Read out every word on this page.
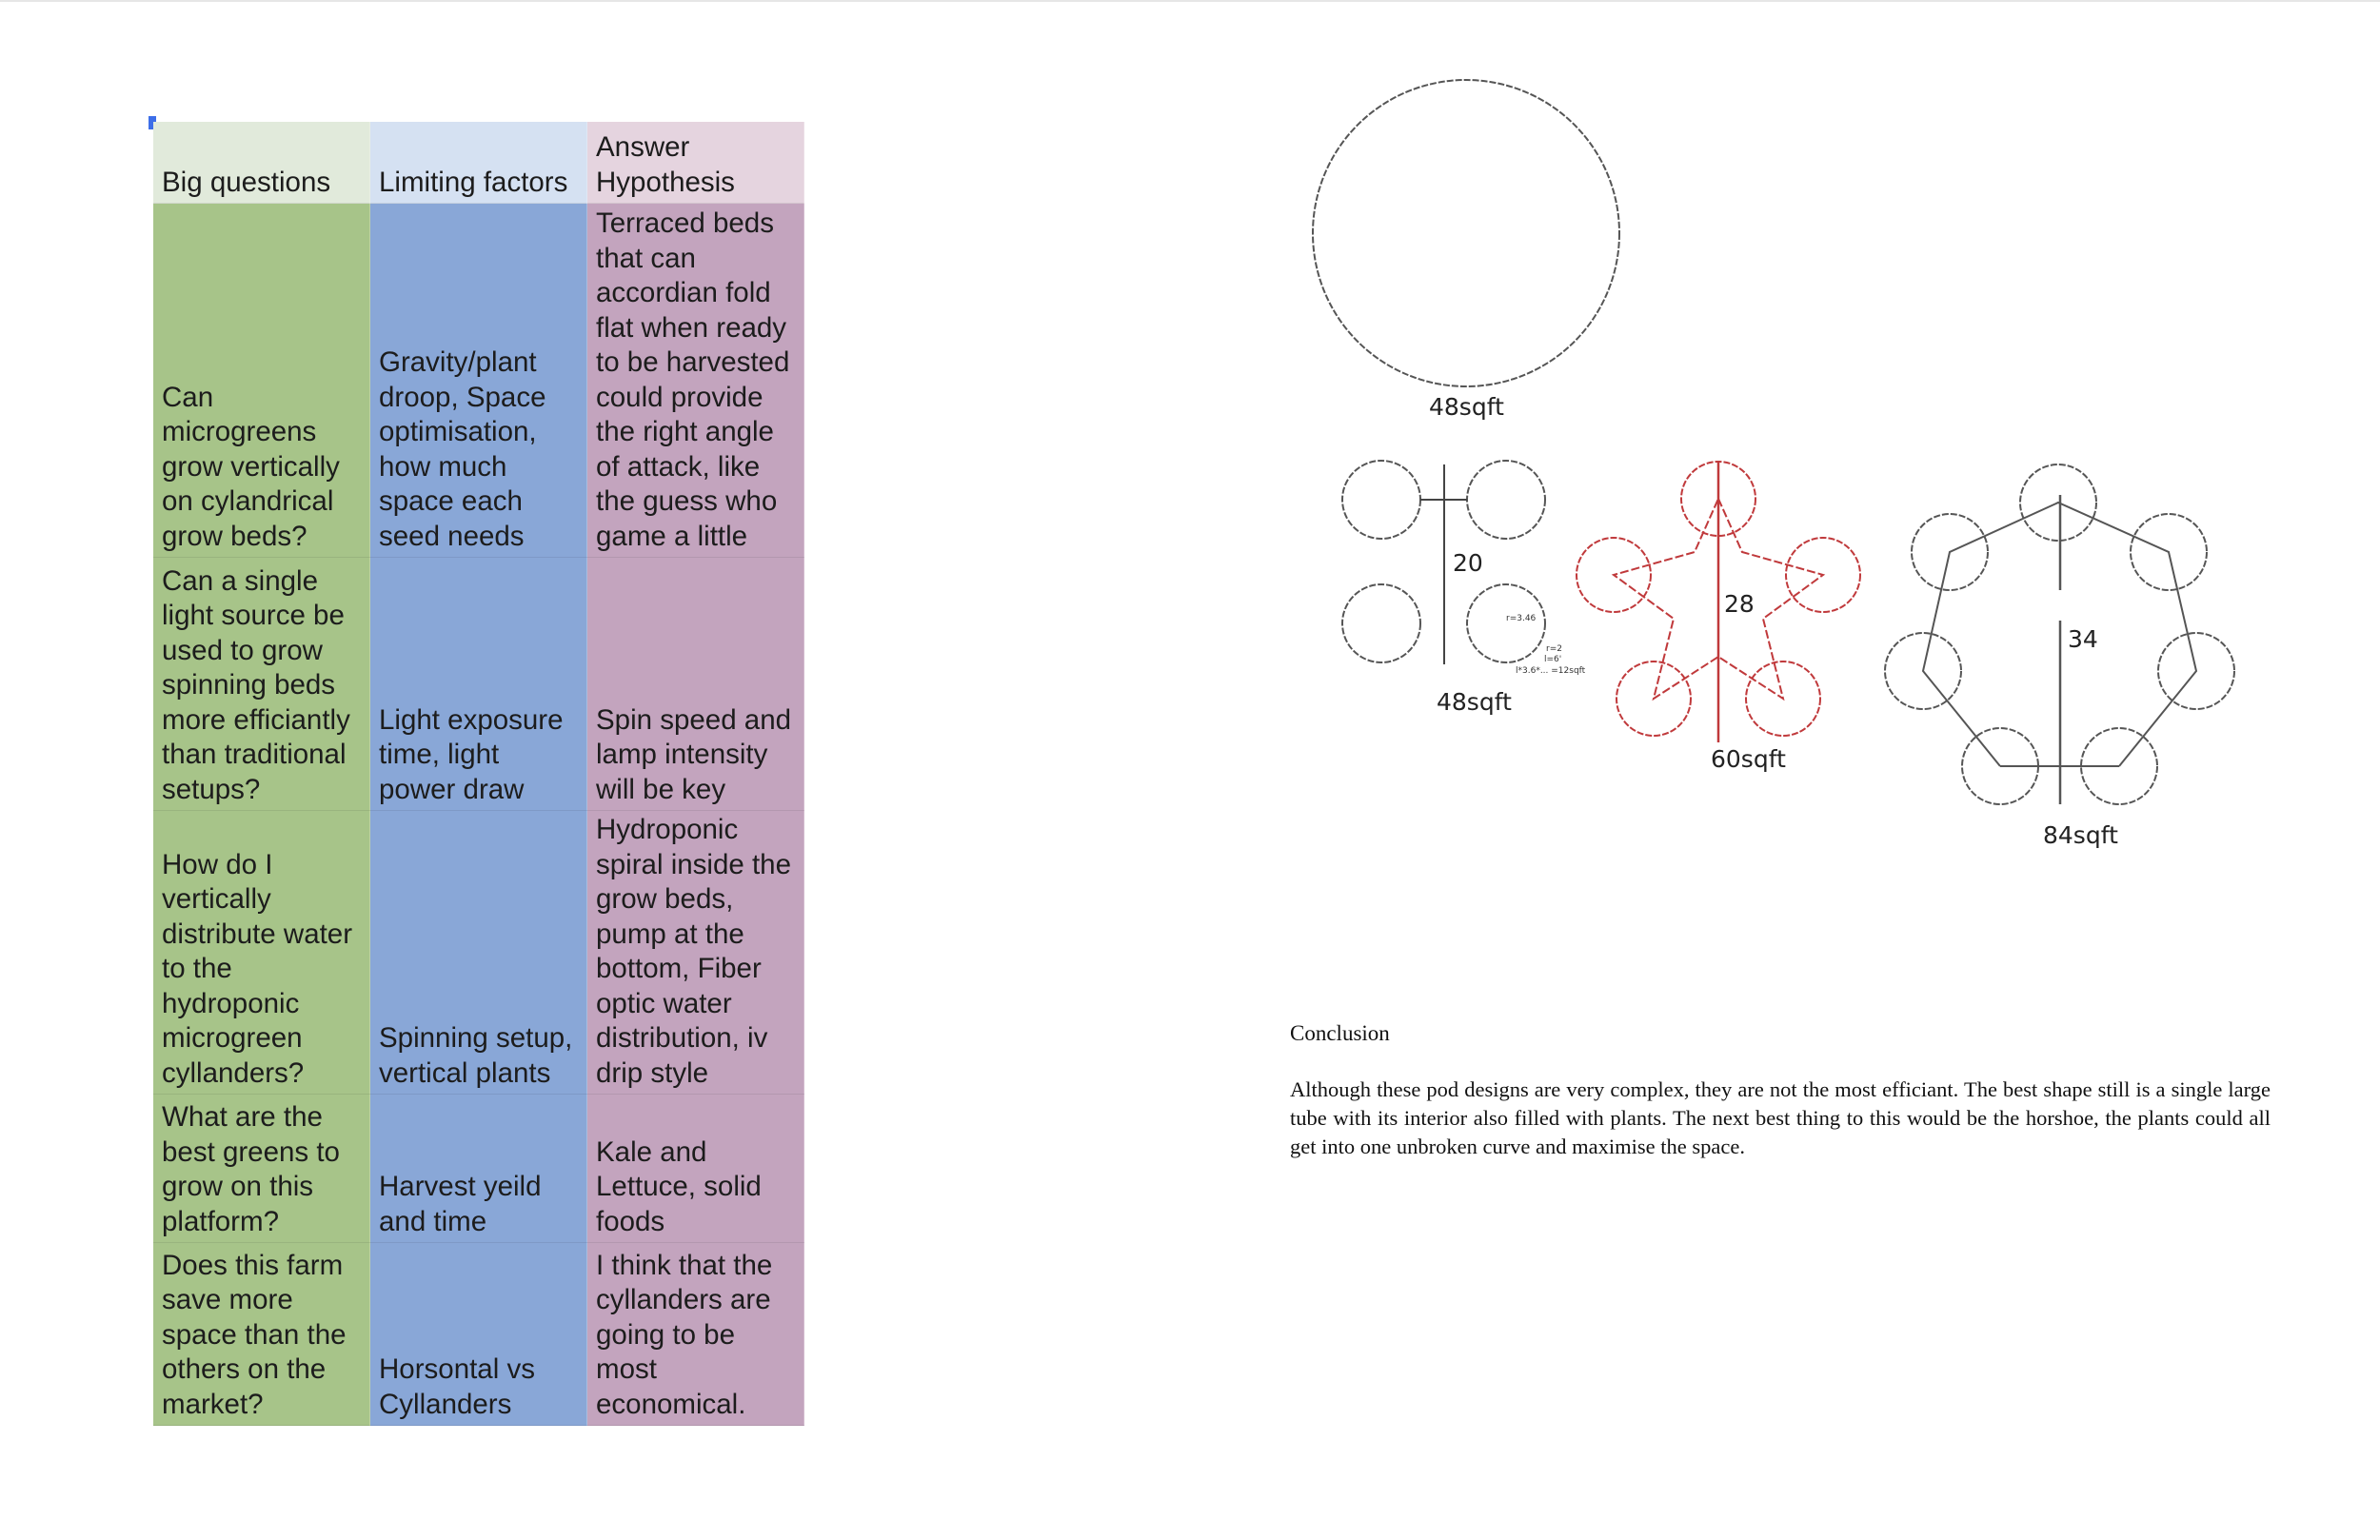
Big questions Limiting factors
Answer Hypothesis
Can microgreens grow vertically on cylandrical grow beds?
Gravity/plant droop, Space optimisation, how much space each seed needs
Terraced beds that can accordian fold flat when ready to be harvested could provide the right angle of attack, like the guess who game a little
Can a single light source be used to grow spinning beds more efficiantly than traditional setups?
Light exposure time, light power draw
Spin speed and lamp intensity will be key
How do I vertically distribute water to the hydroponic microgreen cyllanders?
Spinning setup, vertical plants
Hydroponic spiral inside the grow beds, pump at the bottom, Fiber optic water distribution, iv drip style
What are the best greens to grow on this platform?
Harvest yeild and time
Kale and Lettuce, solid foods
Does this farm save more space than the others on the market?
Horsontal vs Cyllanders
I think that the cyllanders are going to be most economical.
48sqft
20
48sqft
r=3.46
r=2
l=6'
l*3.6*... =12sqft
28
60sqft
34
84sqft
Conclusion
Although these pod designs are very complex, they are not the most efficiant. The best shape still is a single large tube with its interior also filled with plants. The next best thing to this would be the horshoe, the plants could all get into one unbroken curve and maximise the space.
